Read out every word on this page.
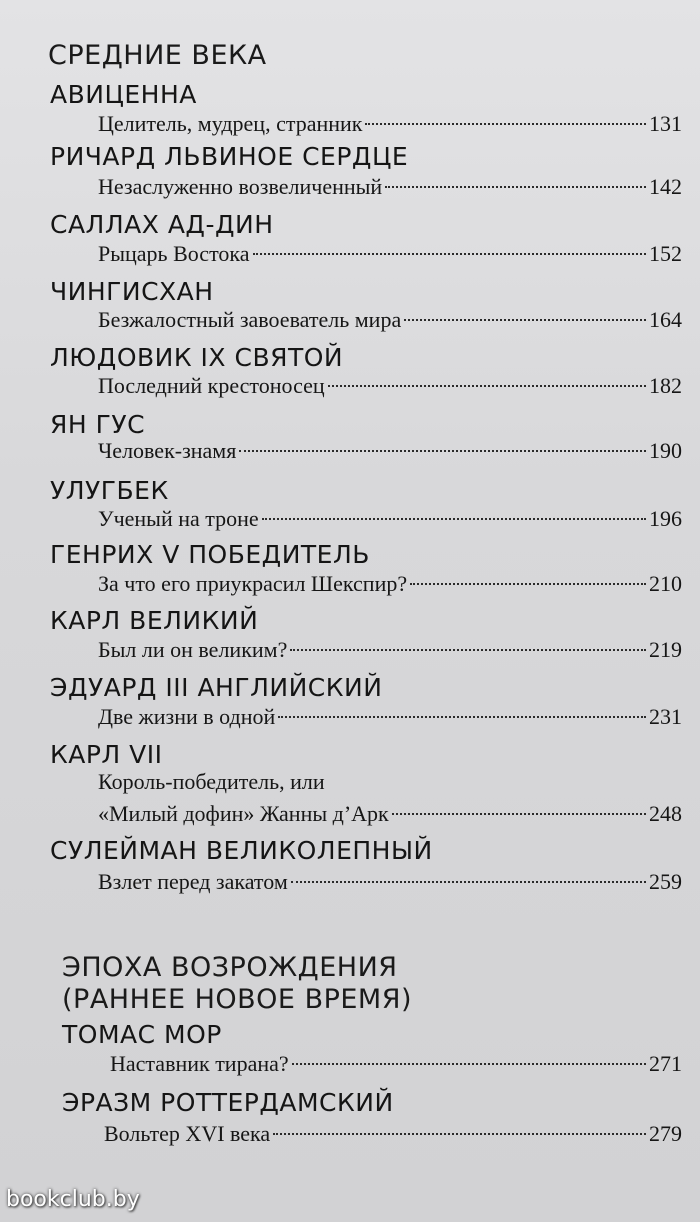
СРЕДНИЕ ВЕКА
АВИЦЕННА
Целитель, мудрец, странник	131
РИЧАРД ЛЬВИНОЕ СЕРДЦЕ
Незаслуженно возвеличенный	142
САЛЛАХ АД-ДИН
Рыцарь Востока	152
ЧИНГИСХАН
Безжалостный завоеватель мира	164
ЛЮДОВИК IX СВЯТОЙ
Последний крестоносец	182
ЯН ГУС
Человек-знамя	190
УЛУГБЕК
Ученый на троне	196
ГЕНРИХ V ПОБЕДИТЕЛЬ
За что его приукрасил Шекспир?	210
КАРЛ ВЕЛИКИЙ
Был ли он великим?	219
ЭДУАРД III АНГЛИЙСКИЙ
Две жизни в одной	231
КАРЛ VII
Король-победитель, или
«Милый дофин» Жанны д’Арк	248
СУЛЕЙМАН ВЕЛИКОЛЕПНЫЙ
Взлет перед закатом	259
ЭПОХА ВОЗРОЖДЕНИЯ
(РАННЕЕ НОВОЕ ВРЕМЯ)
ТОМАС МОР
Наставник тирана?	271
ЭРАЗМ РОТТЕРДАМСКИЙ
Вольтер XVI века	279
bookclub.by
